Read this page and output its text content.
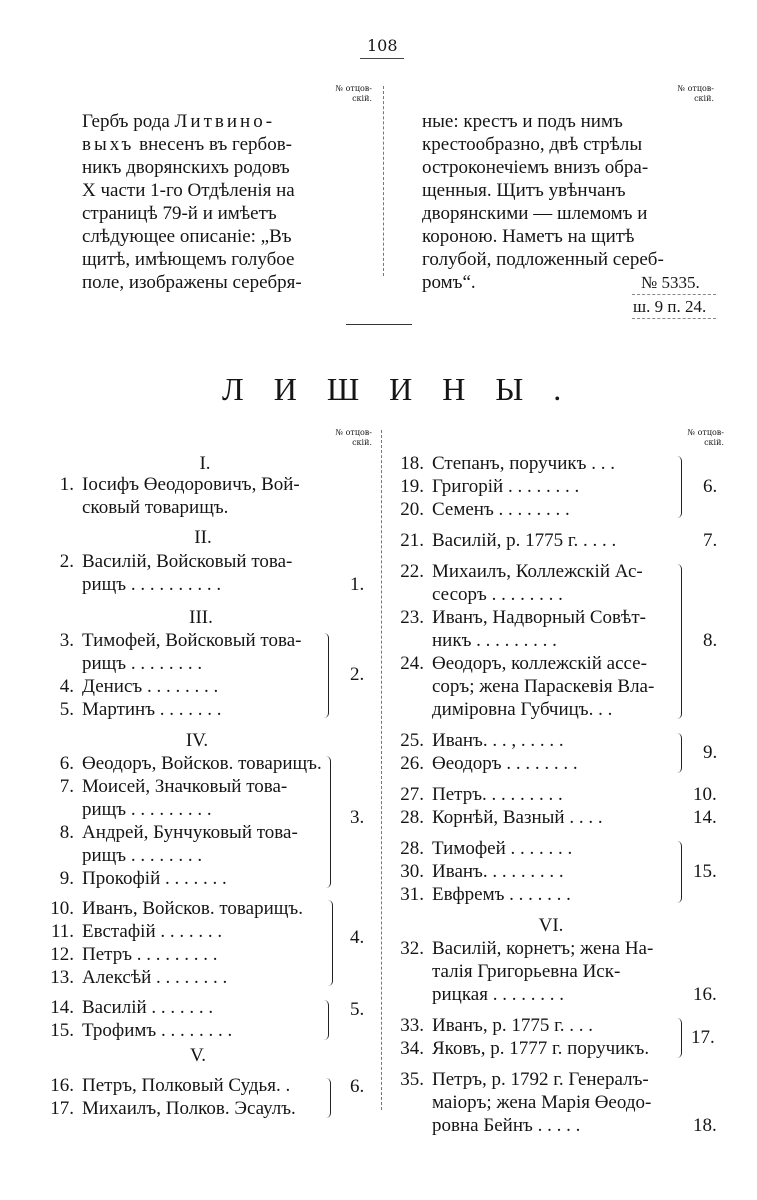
108
№ отцов-
скій.
№ отцов-
скій.
Гербъ рода Литвино-
выхъ внесенъ въ гербов-
никъ дворянскихъ родовъ
X части 1-го Отдѣленія на
страницѣ 79-й и имѣетъ
слѣдующее описаніе: „Въ
щитѣ, имѣющемъ голубое
поле, изображены серебря-
ные: крестъ и подъ нимъ
крестообразно, двѣ стрѣлы
остроконечіемъ внизъ обра-
щенныя. Щитъ увѣнчанъ
дворянскими — шлемомъ и
короною. Наметъ на щитѣ
голубой, подложенный сереб-
ромъ“.	№ 5335.
ш. 9 п. 24.
ЛИШИНЫ.
№ отцов-
скій.
№ отцов-
скій.
I.
II.
III.
IV.
V.
1. Іосифъ Өеодоровичъ, Вой-
сковый товарищъ.
2. Василій, Войсковый това-
рищъ . . . . . . . . . .
3. Тимофей, Войсковый това-
рищъ . . . . . . . .
4. Денисъ . . . . . . . .
5. Мартинъ . . . . . . .
6. Өеодоръ, Войсков. товарищъ.
7. Моисей, Значковый това-
рищъ . . . . . . . . .
8. Андрей, Бунчуковый това-
рищъ . . . . . . . .
9. Прокофій . . . . . . .
10. Иванъ, Войсков. товарищъ.
11. Евстафій . . . . . . .
12. Петръ . . . . . . . . .
13. Алексѣй . . . . . . . .
14. Василій . . . . . . .
15. Трофимъ . . . . . . . .
16. Петръ, Полковый Судья. .
17. Михаилъ, Полков. Эсаулъ.
1.
2.
3.
4.
5.
6.
18. Степанъ, поручикъ . . .
19. Григорій . . . . . . . .
20. Семенъ . . . . . . . .
21. Василій, р. 1775 г. . . . .
22. Михаилъ, Коллежскій Ас-
сесоръ . . . . . . . .
23. Иванъ, Надворный Совѣт-
никъ . . . . . . . . .
24. Өеодоръ, коллежскій ассе-
соръ; жена Параскевія Вла-
диміровна Губчицъ. . .
25. Иванъ. . . , . . . . .
26. Өеодоръ . . . . . . . .
27. Петръ. . . . . . . . .
28. Корнѣй, Вазный . . . .
28. Тимофей . . . . . . .
30. Иванъ. . . . . . . . .
31. Евфремъ . . . . . . .
VI.
32. Василій, корнетъ; жена На-
талія Григорьевна Иск-
рицкая . . . . . . . .
33. Иванъ, р. 1775 г. . . .
34. Яковъ, р. 1777 г. поручикъ.
35. Петръ, р. 1792 г. Генералъ-
маіоръ; жена Марія Өеодо-
ровна Бейнъ . . . . .
6.
7.
8.
9.
10.
14.
15.
16.
17.
18.
